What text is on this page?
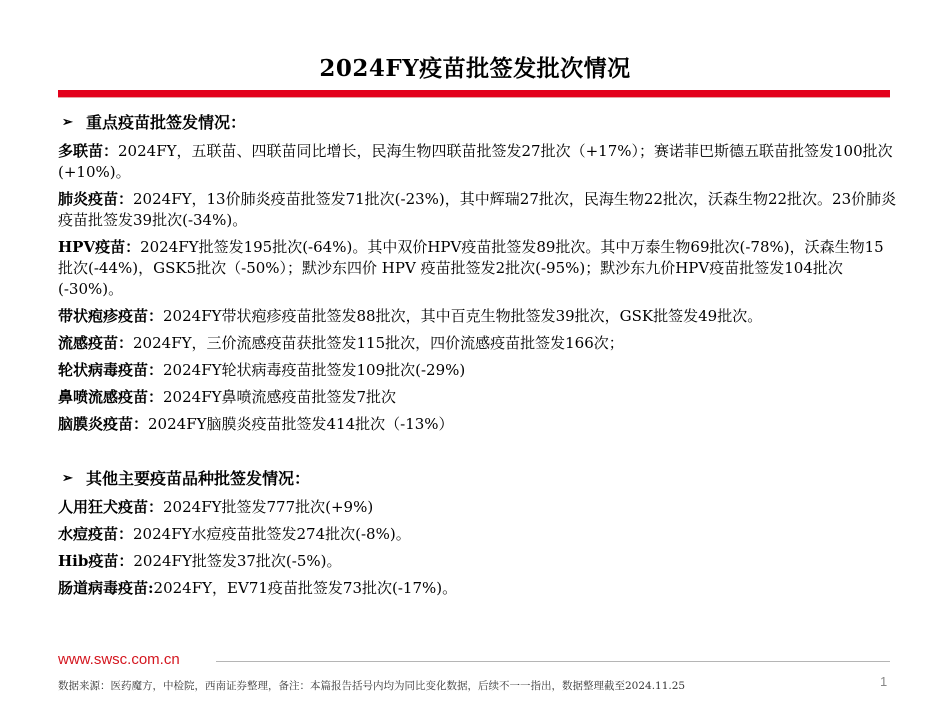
2024FY疫苗批签发批次情况
➢ 重点疫苗批签发情况：
多联苗：2024FY，五联苗、四联苗同比增长，民海生物四联苗批签发27批次（+17%）；赛诺菲巴斯德五联苗批签发100批次(+10%)。
肺炎疫苗：2024FY，13价肺炎疫苗批签发71批次(-23%)，其中辉瑞27批次，民海生物22批次，沃森生物22批次。23价肺炎疫苗批签发39批次(-34%)。
HPV疫苗：2024FY批签发195批次(-64%)。其中双价HPV疫苗批签发89批次。其中万泰生物69批次(-78%)，沃森生物15批次(-44%)，GSK5批次（-50%）；默沙东四价 HPV 疫苗批签发2批次(-95%)；默沙东九价HPV疫苗批签发104批次(-30%)。
带状疱疹疫苗：2024FY带状疱疹疫苗批签发88批次，其中百克生物批签发39批次，GSK批签发49批次。
流感疫苗：2024FY，三价流感疫苗获批签发115批次，四价流感疫苗批签发166次；
轮状病毒疫苗：2024FY轮状病毒疫苗批签发109批次(-29%)
鼻喷流感疫苗：2024FY鼻喷流感疫苗批签发7批次
脑膜炎疫苗：2024FY脑膜炎疫苗批签发414批次（-13%）
➢ 其他主要疫苗品种批签发情况：
人用狂犬疫苗：2024FY批签发777批次(+9%)
水痘疫苗：2024FY水痘疫苗批签发274批次(-8%)。
Hib疫苗：2024FY批签发37批次(-5%)。
肠道病毒疫苗:2024FY，EV71疫苗批签发73批次(-17%)。
www.swsc.com.cn
数据来源：医药魔方，中检院，西南证券整理，备注：本篇报告括号内均为同比变化数据，后续不一一指出，数据整理截至2024.11.25	1
